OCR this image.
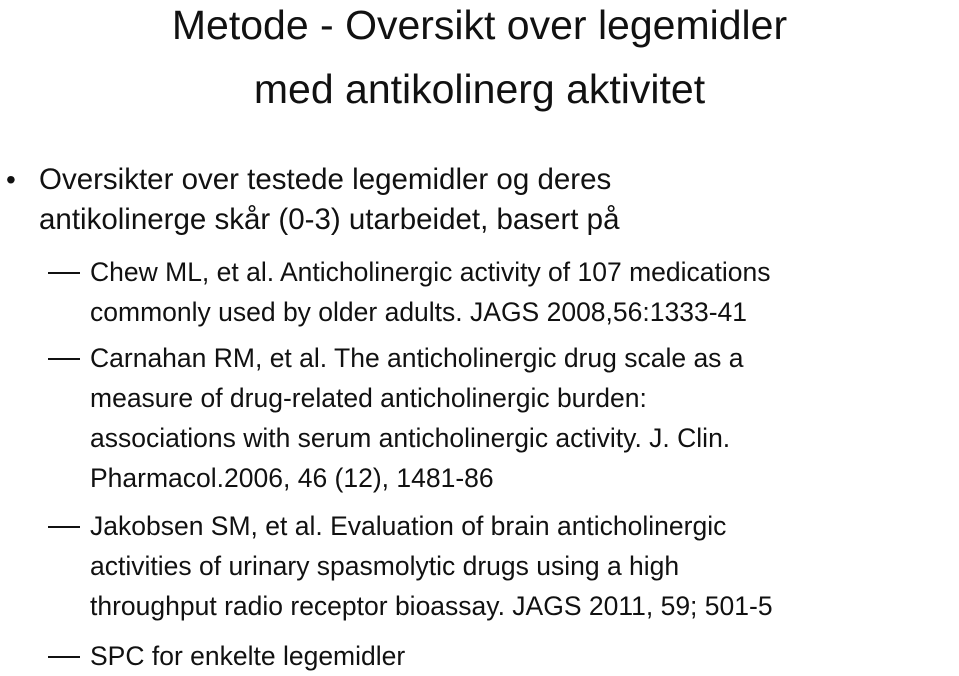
Metode - Oversikt over legemidler
med antikolinerg aktivitet
• Oversikter over testede legemidler og deres
antikolinerge skår (0-3) utarbeidet, basert på
Chew ML, et al. Anticholinergic activity of 107 medications
commonly used by older adults. JAGS 2008,56:1333-41
Carnahan RM, et al. The anticholinergic drug scale as a
measure of drug-related anticholinergic burden:
associations with serum anticholinergic activity. J. Clin.
Pharmacol.2006, 46 (12), 1481-86
Jakobsen SM, et al. Evaluation of brain anticholinergic
activities of urinary spasmolytic drugs using a high
throughput radio receptor bioassay. JAGS 2011, 59; 501-5
SPC for enkelte legemidler
